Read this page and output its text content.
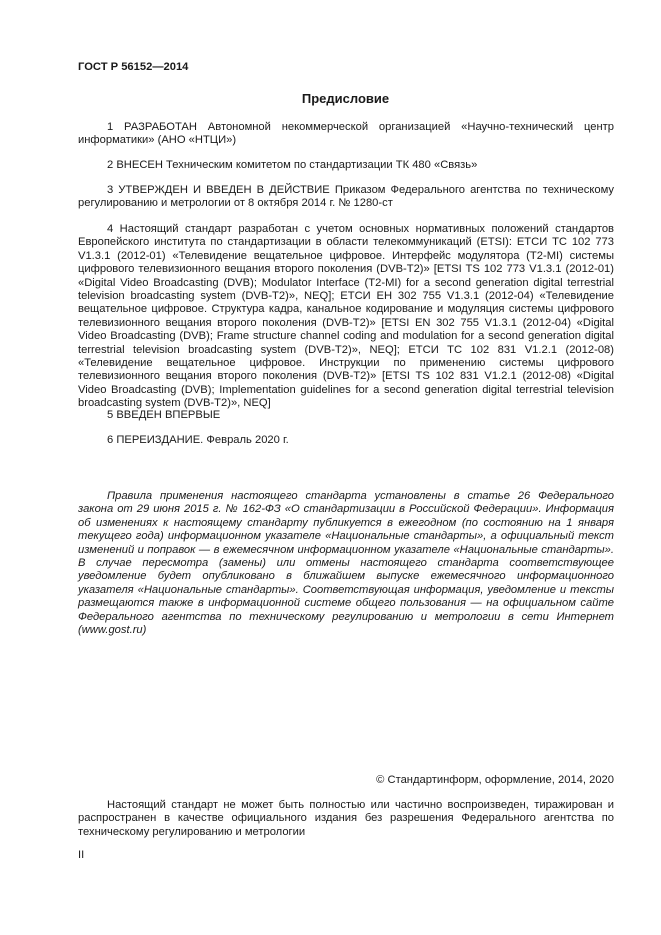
ГОСТ Р 56152—2014
Предисловие

1 РАЗРАБОТАН Автономной некоммерческой организацией «Научно-технический центр информатики» (АНО «НТЦИ»)

2 ВНЕСЕН Техническим комитетом по стандартизации ТК 480 «Связь»

3 УТВЕРЖДЕН И ВВЕДЕН В ДЕЙСТВИЕ Приказом Федерального агентства по техническому регулированию и метрологии от 8 октября 2014 г. № 1280-ст

4 Настоящий стандарт разработан с учетом основных нормативных положений стандартов Европейского института по стандартизации в области телекоммуникаций (ETSI): ЕТСИ ТС 102 773 V1.3.1 (2012-01) «Телевидение вещательное цифровое. Интерфейс модулятора (T2-MI) системы цифрового телевизионного вещания второго поколения (DVB-T2)» [ETSI TS 102 773 V1.3.1 (2012-01) «Digital Video Broadcasting (DVB); Modulator Interface (T2-MI) for a second generation digital terrestrial television broadcasting system (DVB-T2)», NEQ]; ЕТСИ ЕН 302 755 V1.3.1 (2012-04) «Телевидение вещательное цифровое. Структура кадра, канальное кодирование и модуляция системы цифрового телевизионного вещания второго поколения (DVB-T2)» [ETSI EN 302 755 V1.3.1 (2012-04) «Digital Video Broadcasting (DVB); Frame structure channel coding and modulation for a second generation digital terrestrial television broadcasting system (DVB-T2)», NEQ]; ЕТСИ ТС 102 831 V1.2.1 (2012-08) «Телевидение вещательное цифровое. Инструкции по применению системы цифрового телевизионного вещания второго поколения (DVB-T2)» [ETSI TS 102 831 V1.2.1 (2012-08) «Digital Video Broadcasting (DVB); Implementation guidelines for a second generation digital terrestrial television broadcasting system (DVB-T2)», NEQ]

5 ВВЕДЕН ВПЕРВЫЕ

6 ПЕРЕИЗДАНИЕ. Февраль 2020 г.

Правила применения настоящего стандарта установлены в статье 26 Федерального закона от 29 июня 2015 г. № 162-ФЗ «О стандартизации в Российской Федерации». Информация об изменениях к настоящему стандарту публикуется в ежегодном (по состоянию на 1 января текущего года) информационном указателе «Национальные стандарты», а официальный текст изменений и поправок — в ежемесячном информационном указателе «Национальные стандарты». В случае пересмотра (замены) или отмены настоящего стандарта соответствующее уведомление будет опубликовано в ближайшем выпуске ежемесячного информационного указателя «Национальные стандарты». Соответствующая информация, уведомление и тексты размещаются также в информационной системе общего пользования — на официальном сайте Федерального агентства по техническому регулированию и метрологии в сети Интернет (www.gost.ru)

© Стандартинформ, оформление, 2014, 2020

Настоящий стандарт не может быть полностью или частично воспроизведен, тиражирован и распространен в качестве официального издания без разрешения Федерального агентства по техническому регулированию и метрологии

II
